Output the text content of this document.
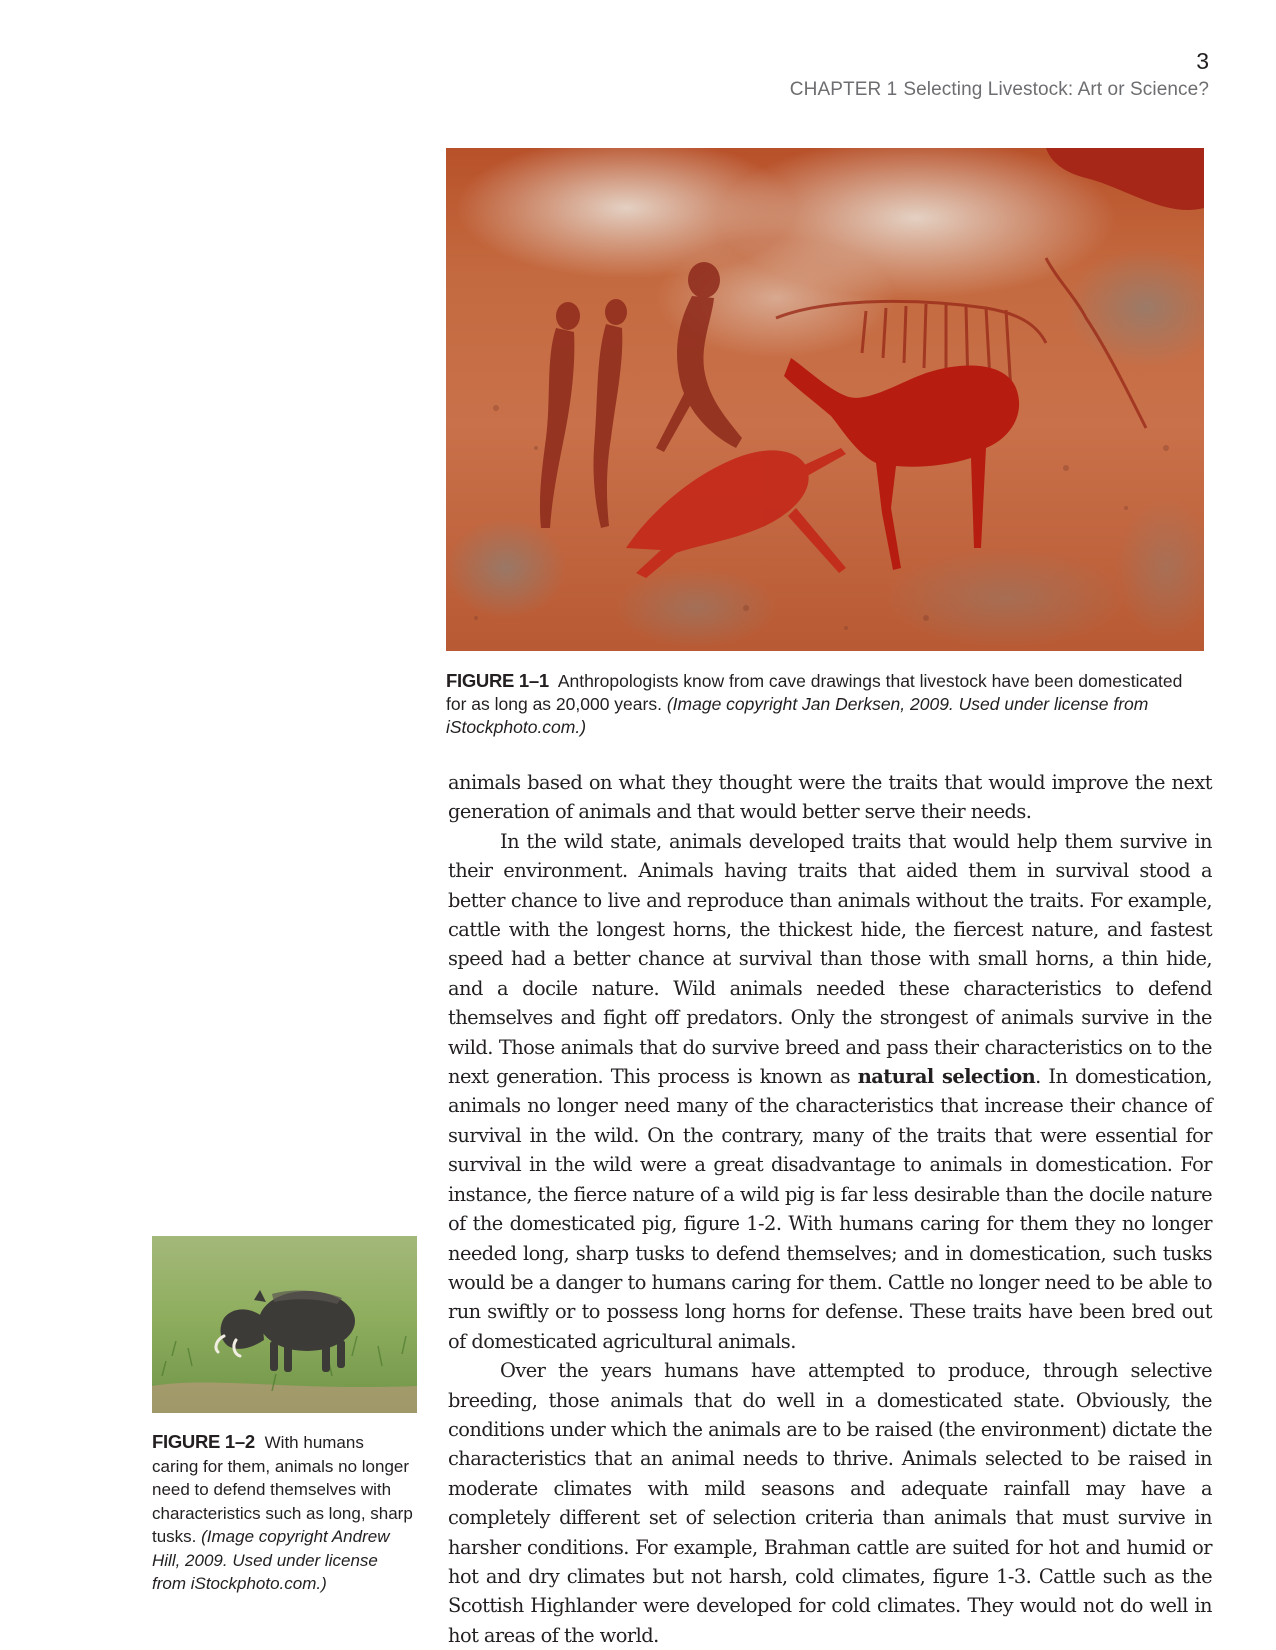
3
CHAPTER 1 Selecting Livestock: Art or Science?
FIGURE 1–1 Anthropologists know from cave drawings that livestock have been domesticated for as long as 20,000 years. (Image copyright Jan Derksen, 2009. Used under license from iStockphoto.com.)
FIGURE 1–2 With humans caring for them, animals no longer need to defend themselves with characteristics such as long, sharp tusks. (Image copyright Andrew Hill, 2009. Used under license from iStockphoto.com.)

animals based on what they thought were the traits that would improve the next generation of animals and that would better serve their needs.

In the wild state, animals developed traits that would help them survive in their environment. Animals having traits that aided them in survival stood a better chance to live and reproduce than animals without the traits. For example, cattle with the longest horns, the thickest hide, the fiercest nature, and fastest speed had a better chance at survival than those with small horns, a thin hide, and a docile nature. Wild animals needed these characteristics to defend themselves and fight off predators. Only the strongest of animals survive in the wild. Those animals that do survive breed and pass their characteristics on to the next generation. This process is known as natural selection. In domestication, animals no longer need many of the characteristics that increase their chance of survival in the wild. On the contrary, many of the traits that were essential for survival in the wild were a great disadvantage to animals in domestication. For instance, the fierce nature of a wild pig is far less desirable than the docile nature of the domesticated pig, figure 1-2. With humans caring for them they no longer needed long, sharp tusks to defend themselves; and in domestication, such tusks would be a danger to humans caring for them. Cattle no longer need to be able to run swiftly or to possess long horns for defense. These traits have been bred out of domesticated agricultural animals.

Over the years humans have attempted to produce, through selective breeding, those animals that do well in a domesticated state. Obviously, the conditions under which the animals are to be raised (the environment) dictate the characteristics that an animal needs to thrive. Animals selected to be raised in moderate climates with mild seasons and adequate rainfall may have a completely different set of selection criteria than animals that must survive in harsher conditions. For example, Brahman cattle are suited for hot and humid or hot and dry climates but not harsh, cold climates, figure 1-3. Cattle such as the Scottish Highlander were developed for cold climates. They would not do well in hot areas of the world.
